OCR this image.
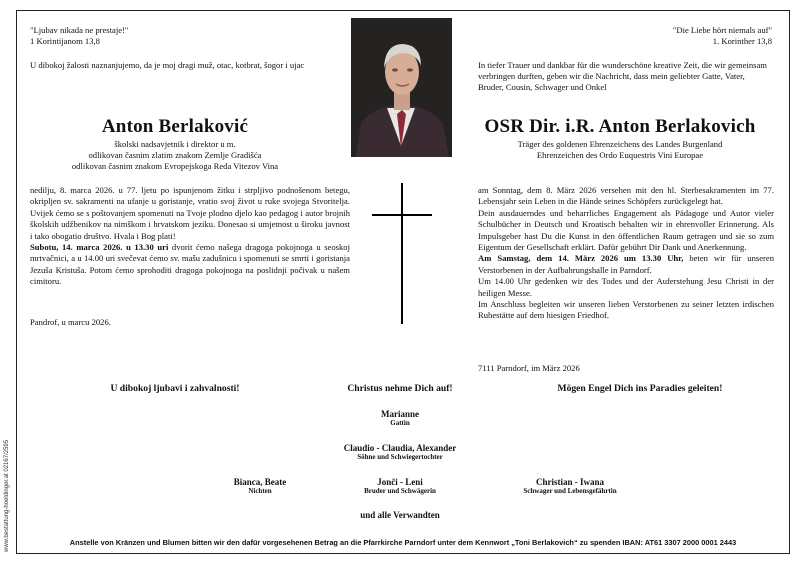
"Ljubav nikada ne prestaje!"
1 Korintijanom 13,8
U dibokoj žalosti naznanjujemo, da je moj dragi muž, otac, kotbrat, šogor i ujac
Anton Berlaković
školski nadsavjetnik i direktor u m.
odlikovan časnim zlatim znakom Zemlje Gradišća
odlikovan časnim znakom Evropejskoga Reda Vitezov Vina
nedilju, 8. marca 2026. u 77. ljetu po ispunjenom žitku i strpljivo podnošenom betegu, okripljen sv. sakramenti na ufanje u goristanje, vratio svoj život u ruke svojega Stvoritelja. Uvijek ćemo se s poštovanjem spomenuti na Tvoje plodno djelo kao pedagog i autor brojnih školskih udžbenikov na nimškom i hrvatskom jeziku. Donesao si umjetnost u široku javnost i tako obogatio društvo. Hvala i Bog plati!
Subotu, 14. marca 2026. u 13.30 uri dvorit ćemo našega dragoga pokojnoga u seoskoj mrtvačnici, a u 14.00 uri svečevat ćemo sv. mašu zadušnicu i spomenuti se smrti i goristanja Jezuša Kristuša. Potom ćemo sprohoditi dragoga pokojnoga na poslidnji počivak u našem cimitoru.
Pandrof, u marcu 2026.
"Die Liebe hört niemals auf"
1. Korinther 13,8
In tiefer Trauer und dankbar für die wunderschöne kreative Zeit, die wir gemeinsam verbringen durften, geben wir die Nachricht, dass mein geliebter Gatte, Vater, Bruder, Cousin, Schwager und Onkel
OSR Dir. i.R. Anton Berlakovich
Träger des goldenen Ehrenzeichens des Landes Burgenland
Ehrenzeichen des Ordo Euquestris Vini Europae
am Sonntag, dem 8. März 2026 versehen mit den hl. Sterbesakramenten im 77. Lebensjahr sein Leben in die Hände seines Schöpfers zurückgelegt hat.
Dein ausdauerndes und beharrliches Engagement als Pädagoge und Autor vieler Schulbücher in Deutsch und Kroatisch behalten wir in ehrenvoller Erinnerung. Als Impulsgeber hast Du die Kunst in den öffentlichen Raum getragen und sie so zum Eigentum der Gesellschaft erklärt. Dafür gebührt Dir Dank und Anerkennung.
Am Samstag, dem 14. März 2026 um 13.30 Uhr, beten wir für unseren Verstorbenen in der Aufbahrungshalle in Parndorf.
Um 14.00 Uhr gedenken wir des Todes und der Auferstehung Jesu Christi in der heiligen Messe.
Im Anschluss begleiten wir unseren lieben Verstorbenen zu seiner letzten irdischen Ruhestätte auf dem hiesigen Friedhof.
7111 Parndorf, im März 2026
U dibokoj ljubavi i zahvalnosti!	Christus nehme Dich auf!	Mögen Engel Dich ins Paradies geleiten!
Marianne
Gattin
Claudio - Claudia, Alexander
Söhne und Schwiegertochter
Bianca, Beate
Nichten
Jonči - Leni
Bruder und Schwägerin
Christian - Iwana
Schwager und Lebensgefährtin
und alle Verwandten
Anstelle von Kränzen und Blumen bitten wir den dafür vorgesehenen Betrag an die Pfarrkirche Parndorf unter dem Kennwort „Toni Berlakovich“ zu spenden IBAN: AT61 3307 2000 0001 2443
www.bestattung-hoeldinger.at 02167/2595
